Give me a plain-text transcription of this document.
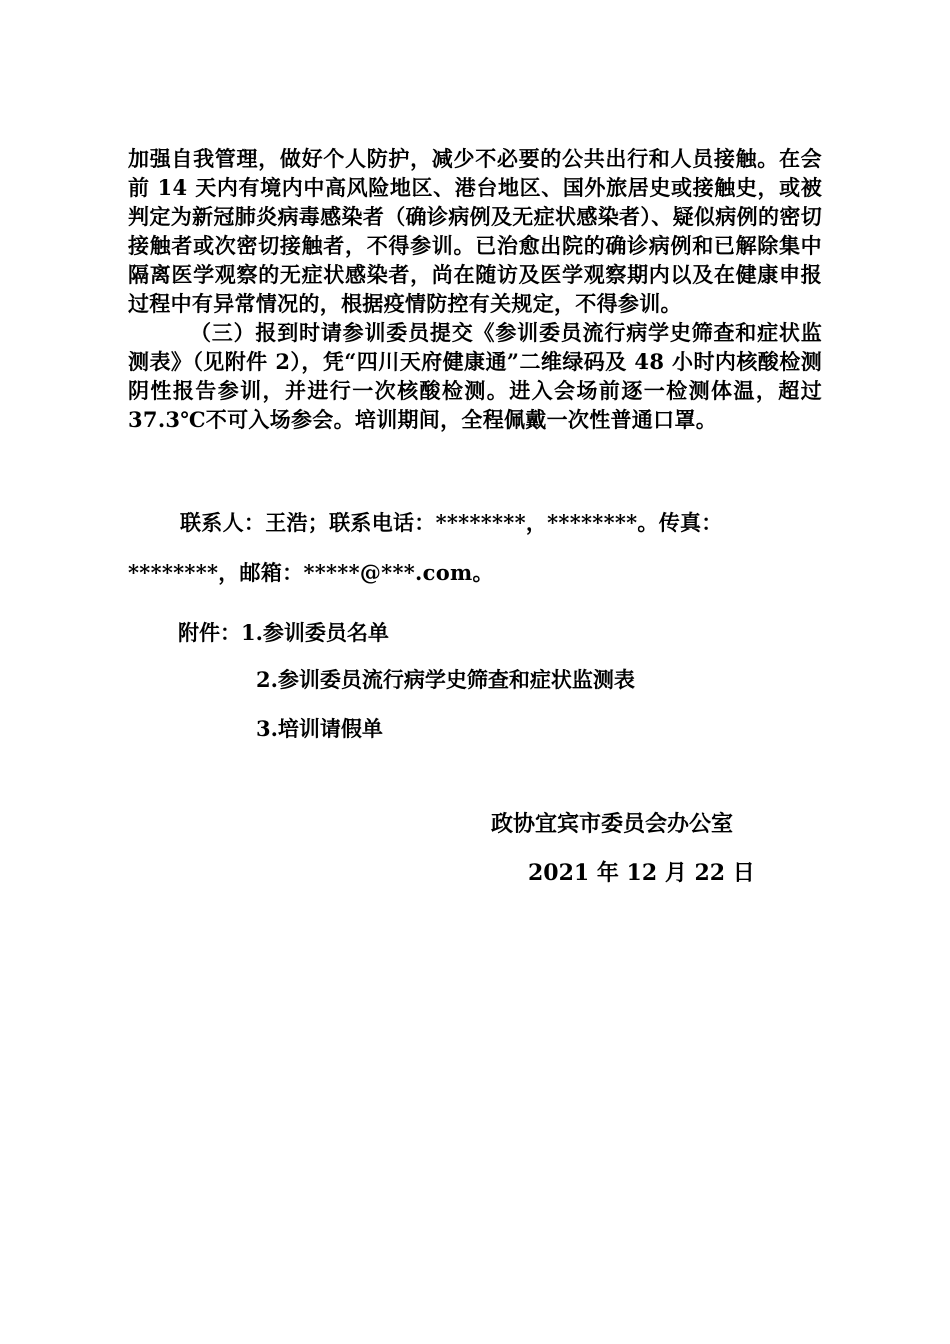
加强自我管理，做好个人防护，减少不必要的公共出行和人员接触。在会前 14 天内有境内中高风险地区、港台地区、国外旅居史或接触史，或被判定为新冠肺炎病毒感染者（确诊病例及无症状感染者）、疑似病例的密切接触者或次密切接触者，不得参训。已治愈出院的确诊病例和已解除集中隔离医学观察的无症状感染者，尚在随访及医学观察期内以及在健康申报过程中有异常情况的，根据疫情防控有关规定，不得参训。

（三）报到时请参训委员提交《参训委员流行病学史筛查和症状监测表》（见附件 2），凭“四川天府健康通”二维绿码及 48 小时内核酸检测阴性报告参训，并进行一次核酸检测。进入会场前逐一检测体温，超过 37.3℃不可入场参会。培训期间，全程佩戴一次性普通口罩。

联系人：王浩；联系电话：********，********。传真：

********，邮箱：*****@***.com。

附件：1.参训委员名单
2.参训委员流行病学史筛查和症状监测表
3.培训请假单
政协宜宾市委员会办公室
2021 年 12 月 22 日
